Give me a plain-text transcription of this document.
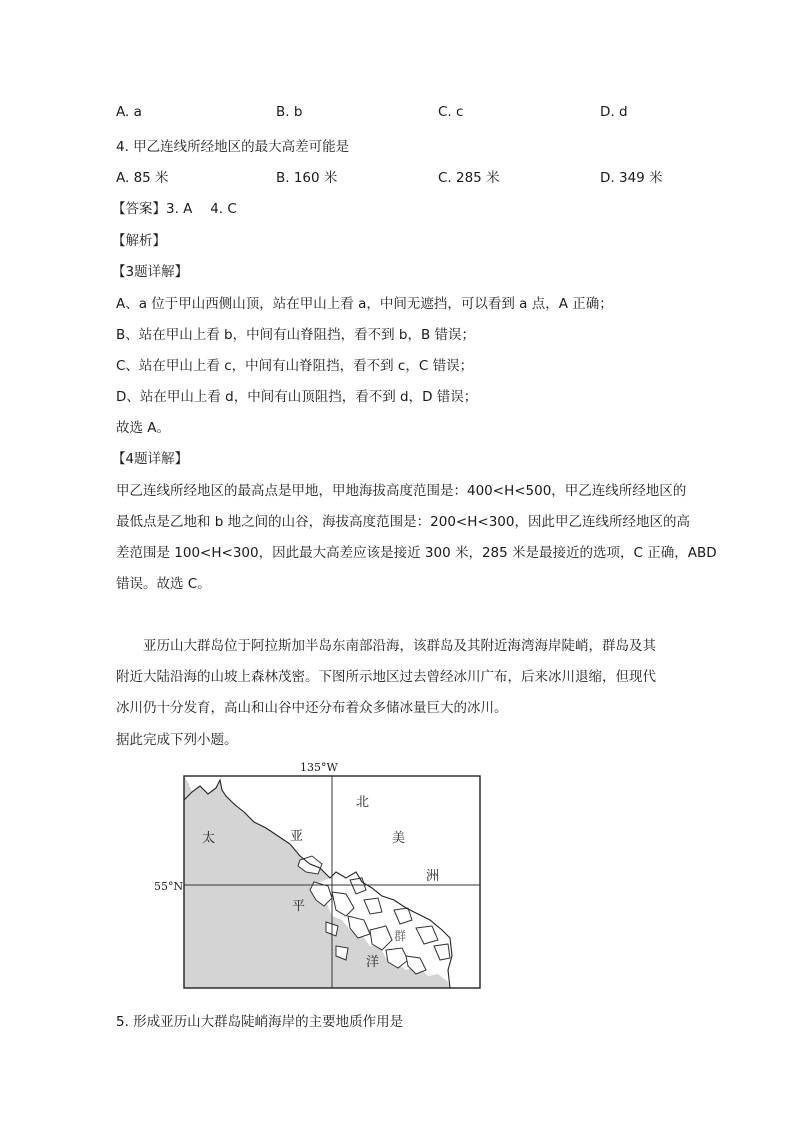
A. a	B. b	C. c	D. d
4. 甲乙连线所经地区的最大高差可能是
A. 85 米	B. 160 米	C. 285 米	D. 349 米
【答案】3. A　 4. C
【解析】
【3题详解】
A、a 位于甲山西侧山顶，站在甲山上看 a，中间无遮挡，可以看到 a 点，A 正确；
B、站在甲山上看 b，中间有山脊阻挡，看不到 b，B 错误；
C、站在甲山上看 c，中间有山脊阻挡，看不到 c，C 错误；
D、站在甲山上看 d，中间有山顶阻挡，看不到 d，D 错误；
故选 A。
【4题详解】
甲乙连线所经地区的最高点是甲地，甲地海拔高度范围是：400<H<500，甲乙连线所经地区的
最低点是乙地和 b 地之间的山谷，海拔高度范围是：200<H<300，因此甲乙连线所经地区的高
差范围是 100<H<300，因此最大高差应该是接近 300 米，285 米是最接近的选项，C 正确，ABD
错误。故选 C。
亚历山大群岛位于阿拉斯加半岛东南部沿海，该群岛及其附近海湾海岸陡峭，群岛及其
附近大陆沿海的山坡上森林茂密。下图所示地区过去曾经冰川广布，后来冰川退缩，但现代
冰川仍十分发育，高山和山谷中还分布着众多储冰量巨大的冰川。
据此完成下列小题。
135°W
55°N
太
平
洋
北
美
洲
亚
群
5. 形成亚历山大群岛陡峭海岸的主要地质作用是
